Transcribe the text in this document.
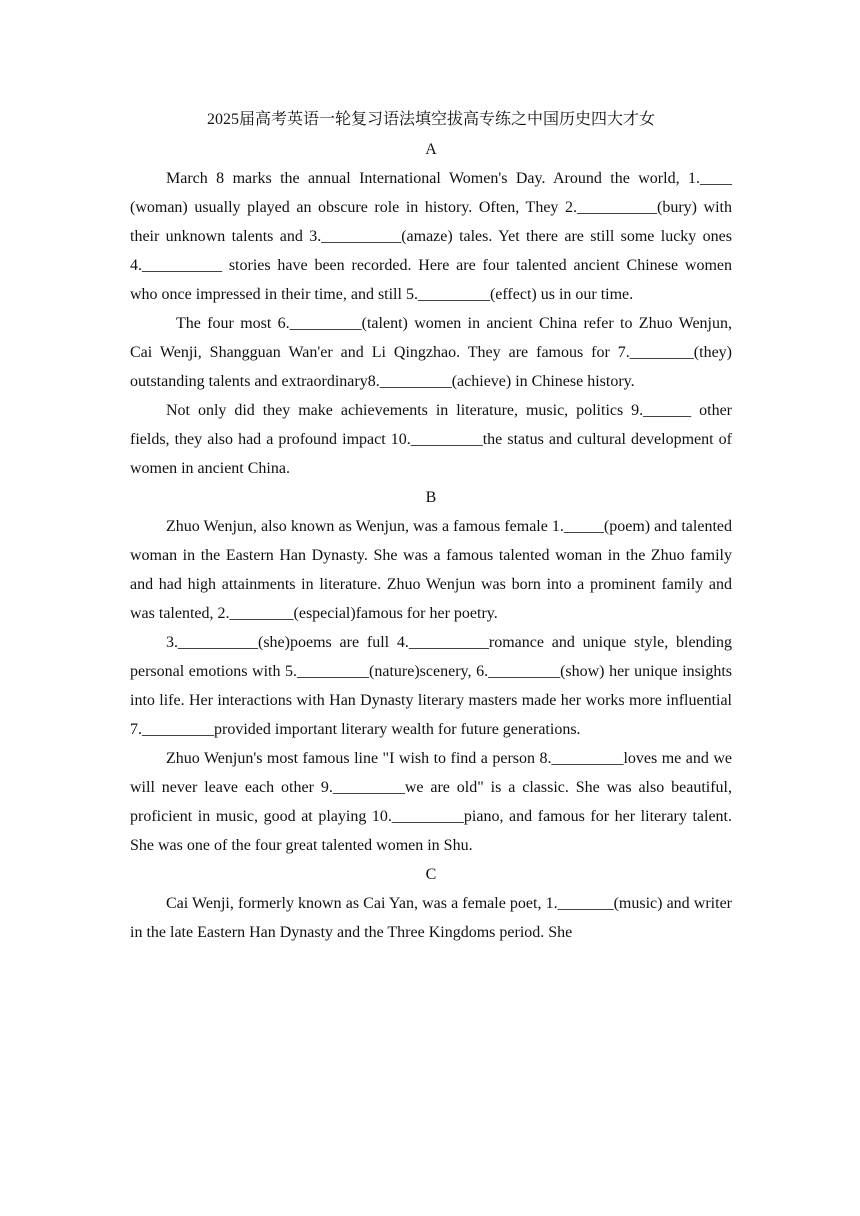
2025届高考英语一轮复习语法填空拔高专练之中国历史四大才女

A

March 8 marks the annual International Women's Day. Around the world, 1.____ (woman) usually played an obscure role in history. Often, They 2.__________(bury) with their unknown talents and 3.__________(amaze) tales. Yet there are still some lucky ones 4.__________ stories have been recorded. Here are four talented ancient Chinese women who once impressed in their time, and still 5._________(effect) us in our time.

The four most 6._________(talent) women in ancient China refer to Zhuo Wenjun, Cai Wenji, Shangguan Wan'er and Li Qingzhao. They are famous for 7.________(they) outstanding talents and extraordinary8._________(achieve) in Chinese history.

Not only did they make achievements in literature, music, politics 9.______ other fields, they also had a profound impact 10._________the status and cultural development of women in ancient China.

B

Zhuo Wenjun, also known as Wenjun, was a famous female 1._____(poem) and talented woman in the Eastern Han Dynasty. She was a famous talented woman in the Zhuo family and had high attainments in literature. Zhuo Wenjun was born into a prominent family and was talented, 2.________(especial)famous for her poetry.

3.__________(she)poems are full 4.__________romance and unique style, blending personal emotions with 5._________(nature)scenery, 6._________(show) her unique insights into life. Her interactions with Han Dynasty literary masters made her works more influential 7._________provided important literary wealth for future generations.

Zhuo Wenjun's most famous line "I wish to find a person 8._________loves me and we will never leave each other 9._________we are old" is a classic. She was also beautiful, proficient in music, good at playing 10._________piano, and famous for her literary talent. She was one of the four great talented women in Shu.

C

Cai Wenji, formerly known as Cai Yan, was a female poet, 1._______(music) and writer in the late Eastern Han Dynasty and the Three Kingdoms period. She
